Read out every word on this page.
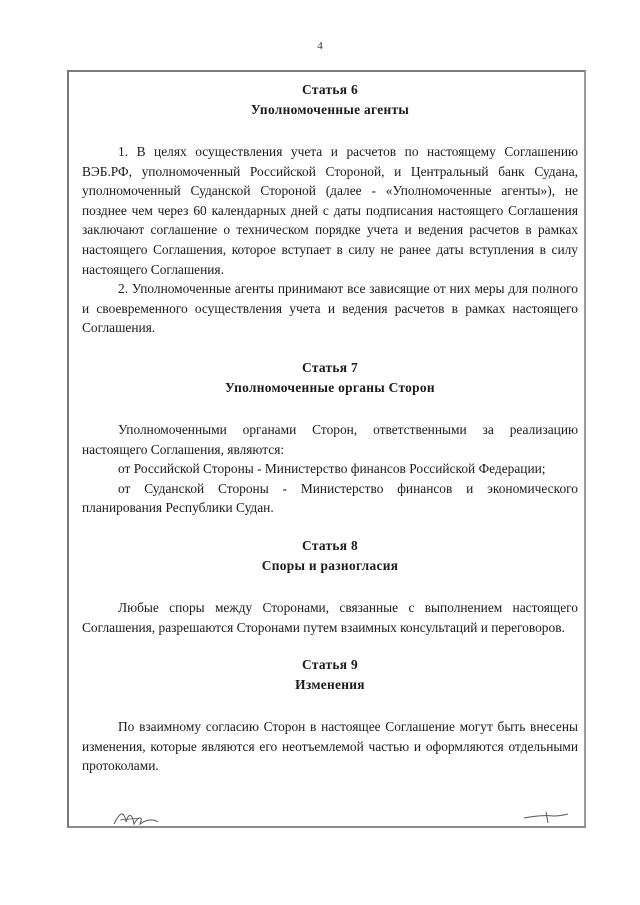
4
Статья 6
Уполномоченные агенты

1. В целях осуществления учета и расчетов по настоящему Соглашению ВЭБ.РФ, уполномоченный Российской Стороной, и Центральный банк Судана, уполномоченный Суданской Стороной (далее - «Уполномоченные агенты»), не позднее чем через 60 календарных дней с даты подписания настоящего Соглашения заключают соглашение о техническом порядке учета и ведения расчетов в рамках настоящего Соглашения, которое вступает в силу не ранее даты вступления в силу настоящего Соглашения.

2. Уполномоченные агенты принимают все зависящие от них меры для полного и своевременного осуществления учета и ведения расчетов в рамках настоящего Соглашения.

Статья 7
Уполномоченные органы Сторон

Уполномоченными органами Сторон, ответственными за реализацию настоящего Соглашения, являются:

от Российской Стороны - Министерство финансов Российской Федерации;

от Суданской Стороны - Министерство финансов и экономического планирования Республики Судан.

Статья 8
Споры и разногласия

Любые споры между Сторонами, связанные с выполнением настоящего Соглашения, разрешаются Сторонами путем взаимных консультаций и переговоров.

Статья 9
Изменения

По взаимному согласию Сторон в настоящее Соглашение могут быть внесены изменения, которые являются его неотъемлемой частью и оформляются отдельными протоколами.
